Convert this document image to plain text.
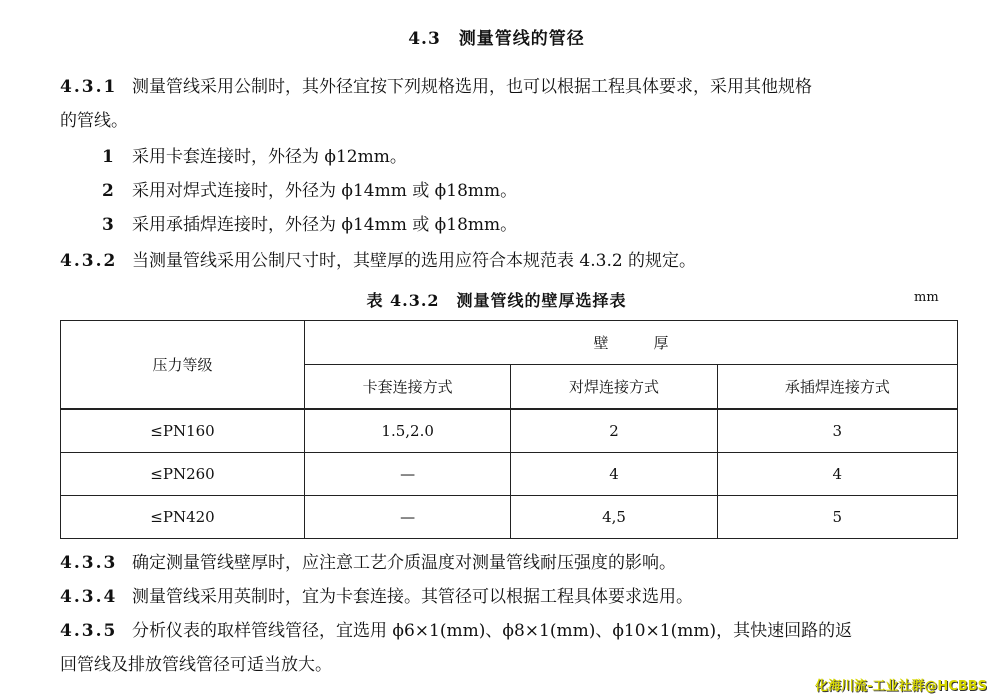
4.3　测量管线的管径
4.3.1 测量管线采用公制时，其外径宜按下列规格选用，也可以根据工程具体要求，采用其他规格
的管线。
1 采用卡套连接时，外径为 ϕ12mm。
2 采用对焊式连接时，外径为 ϕ14mm 或 ϕ18mm。
3 采用承插焊连接时，外径为 ϕ14mm 或 ϕ18mm。
4.3.2 当测量管线采用公制尺寸时，其壁厚的选用应符合本规范表 4.3.2 的规定。
表 4.3.2　测量管线的壁厚选择表	mm
压力等级	壁　　　厚		
	卡套连接方式	对焊连接方式	承插焊连接方式
≤PN160	1.5,2.0	2	3
≤PN260	—	4	4
≤PN420	—	4,5	5
4.3.3 确定测量管线壁厚时，应注意工艺介质温度对测量管线耐压强度的影响。
4.3.4 测量管线采用英制时，宜为卡套连接。其管径可以根据工程具体要求选用。
4.3.5 分析仪表的取样管线管径，宜选用 ϕ6×1(mm)、ϕ8×1(mm)、ϕ10×1(mm)，其快速回路的返
回管线及排放管线管径可适当放大。
化海川流-工业社群@HCBBS
